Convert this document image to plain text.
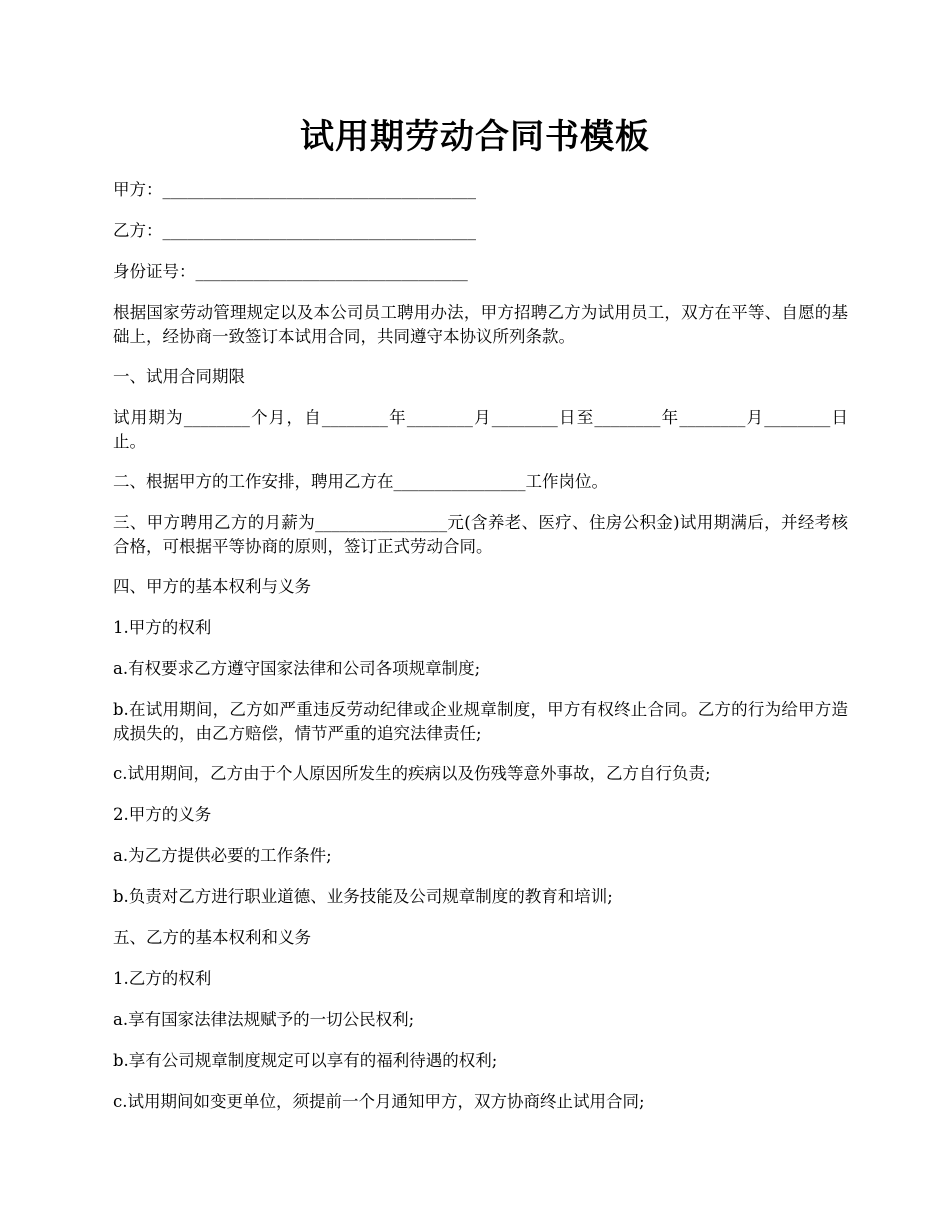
试用期劳动合同书模板

甲方：______________________________________

乙方：______________________________________

身份证号：_________________________________

根据国家劳动管理规定以及本公司员工聘用办法，甲方招聘乙方为试用员工，双方在平等、自愿的基础上，经协商一致签订本试用合同，共同遵守本协议所列条款。

一、试用合同期限

试用期为________个月，自________年________月________日至________年________月________日止。

二、根据甲方的工作安排，聘用乙方在________________工作岗位。

三、甲方聘用乙方的月薪为________________元(含养老、医疗、住房公积金)试用期满后，并经考核合格，可根据平等协商的原则，签订正式劳动合同。

四、甲方的基本权利与义务

1.甲方的权利

a.有权要求乙方遵守国家法律和公司各项规章制度;

b.在试用期间，乙方如严重违反劳动纪律或企业规章制度，甲方有权终止合同。乙方的行为给甲方造成损失的，由乙方赔偿，情节严重的追究法律责任;

c.试用期间，乙方由于个人原因所发生的疾病以及伤残等意外事故，乙方自行负责;

2.甲方的义务

a.为乙方提供必要的工作条件;

b.负责对乙方进行职业道德、业务技能及公司规章制度的教育和培训;

五、乙方的基本权利和义务

1.乙方的权利

a.享有国家法律法规赋予的一切公民权利;

b.享有公司规章制度规定可以享有的福利待遇的权利;

c.试用期间如变更单位，须提前一个月通知甲方，双方协商终止试用合同;
